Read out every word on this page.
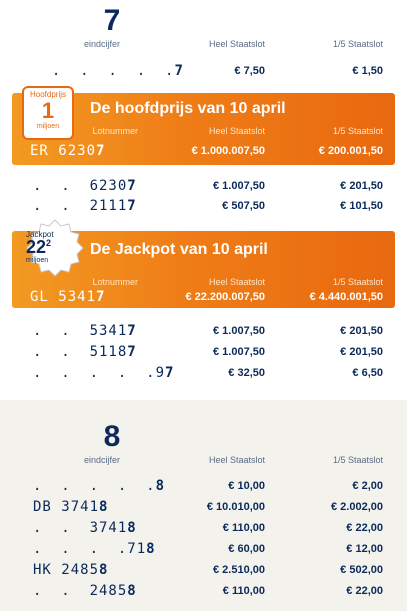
7
eindcijfer	Heel Staatslot	1/5 Staatslot
.  .  .  .  .7	€ 7,50	€ 1,50
Hoofdprijs
1
miljoen
De hoofdprijs van 10 april
Lotnummer	Heel Staatslot	1/5 Staatslot
ER 62307	€ 1.000.007,50	€ 200.001,50
.  .  62307	€ 1.007,50	€ 201,50
.  .  21117	€ 507,50	€ 101,50
Jackpot
$22^2$
miljoen
De Jackpot van 10 april
Lotnummer	Heel Staatslot	1/5 Staatslot
GL 53417	€ 22.200.007,50	€ 4.440.001,50
.  .  53417	€ 1.007,50	€ 201,50
.  .  51187	€ 1.007,50	€ 201,50
.  .  .  .  .97	€ 32,50	€ 6,50
8
eindcijfer	Heel Staatslot	1/5 Staatslot
.  .  .  .  .8	€ 10,00	€ 2,00
DB 37418	€ 10.010,00	€ 2.002,00
.  .  37418	€ 110,00	€ 22,00
.  .  .  .718	€ 60,00	€ 12,00
HK 24858	€ 2.510,00	€ 502,00
.  .  24858	€ 110,00	€ 22,00
